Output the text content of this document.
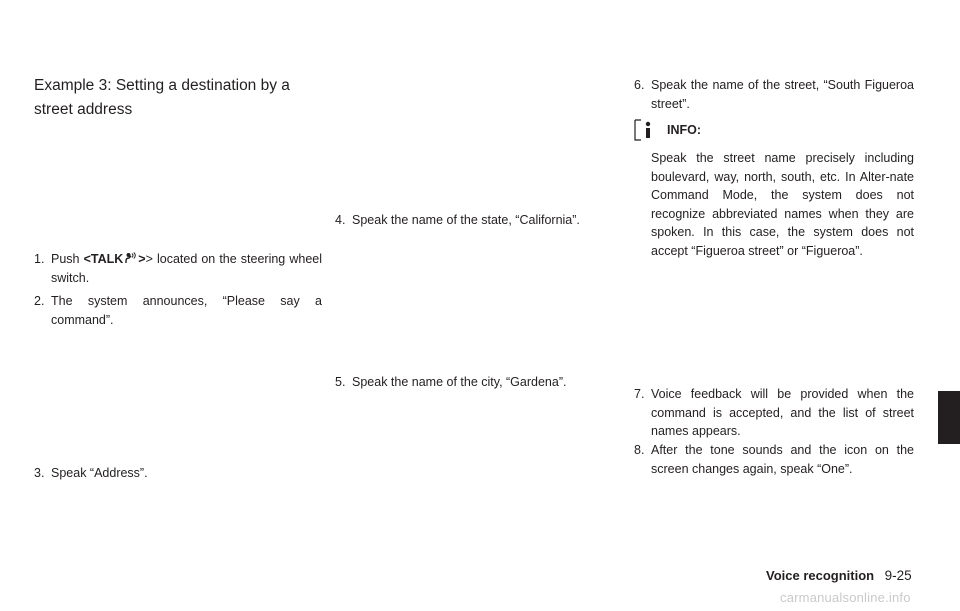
Example 3: Setting a destination by a
street address
1. Push <TALK >> located on the steering wheel switch.
2. The system announces, “Please say a command”.
3. Speak “Address”.
4. Speak the name of the state, “California”.
5. Speak the name of the city, “Gardena”.
6. Speak the name of the street, “South Figueroa street”.
INFO:
Speak the street name precisely including boulevard, way, north, south, etc. In Alter-nate Command Mode, the system does not recognize abbreviated names when they are spoken. In this case, the system does not accept “Figueroa street” or “Figueroa”.
7. Voice feedback will be provided when the command is accepted, and the list of street names appears.
8. After the tone sounds and the icon on the screen changes again, speak “One”.
Voice recognition 9-25
carmanualsonline.info
